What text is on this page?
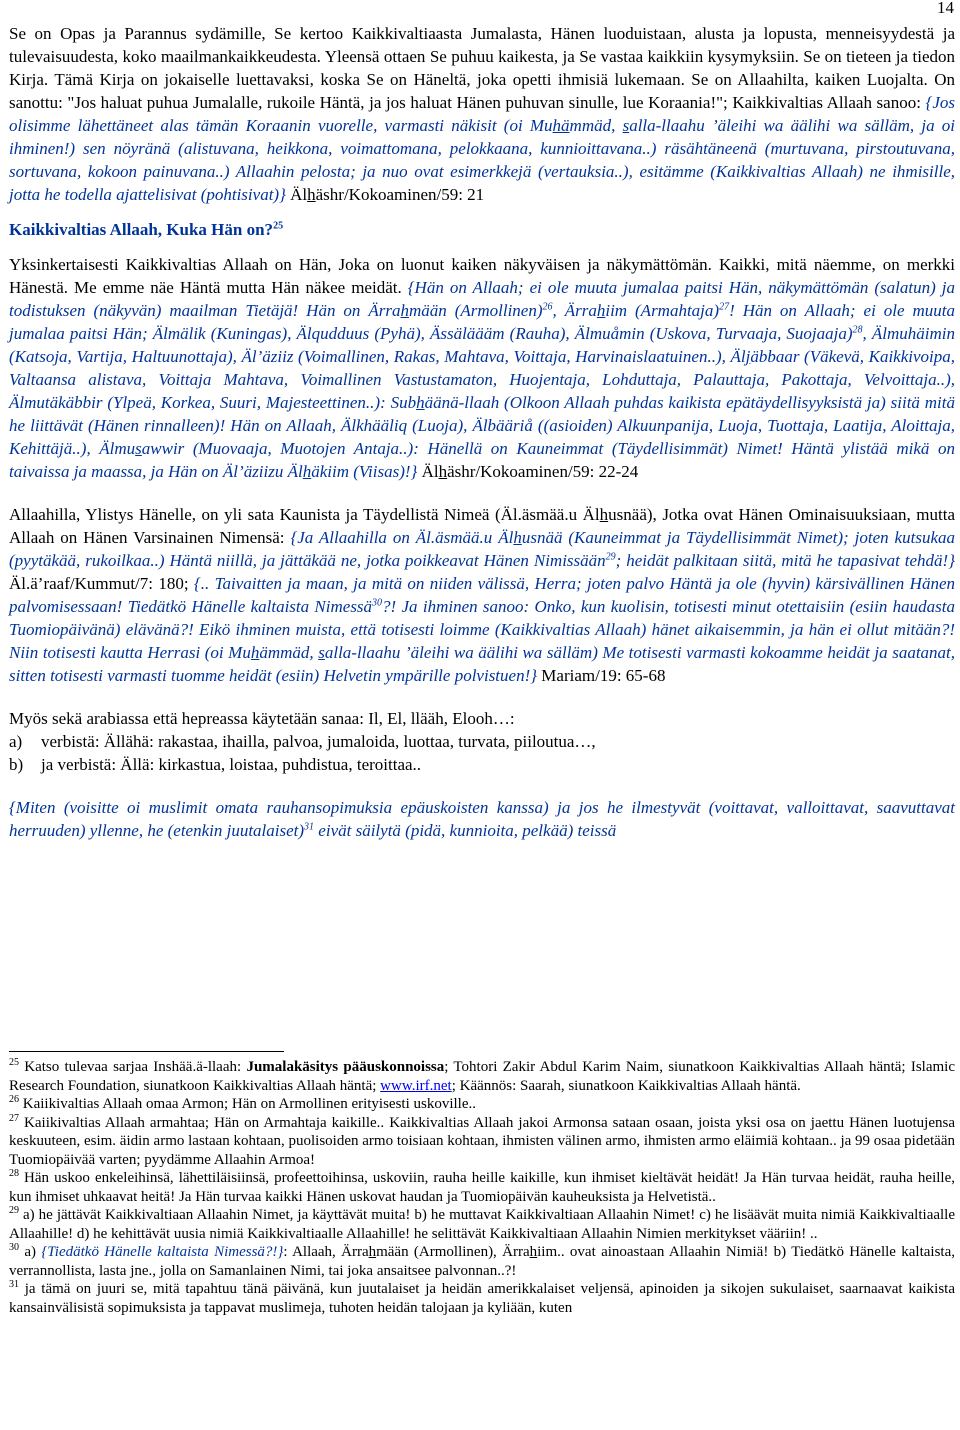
14

Se on Opas ja Parannus sydämille, Se kertoo Kaikkivaltiaasta Jumalasta, Hänen luoduistaan, alusta ja lopusta, menneisyydestä ja tulevaisuudesta, koko maailmankaikkeudesta. Yleensä ottaen Se puhuu kaikesta, ja Se vastaa kaikkiin kysymyksiin. Se on tieteen ja tiedon Kirja. Tämä Kirja on jokaiselle luettavaksi, koska Se on Häneltä, joka opetti ihmisiä lukemaan. Se on Allaahilta, kaiken Luojalta. On sanottu: "Jos haluat puhua Jumalalle, rukoile Häntä, ja jos haluat Hänen puhuvan sinulle, lue Koraania!"; Kaikkivaltias Allaah sanoo: {Jos olisimme lähettäneet alas tämän Koraanin vuorelle, varmasti näkisit (oi Muhämmäd, salla-llaahu ’äleihi wa äälihi wa sälläm, ja oi ihminen!) sen nöyränä (alistuvana, heikkona, voimattomana, pelokkaana, kunnioittavana..) räsähtäneenä (murtuvana, pirstoutuvana, sortuvana, kokoon painuvana..) Allaahin pelosta; ja nuo ovat esimerkkejä (vertauksia..), esitämme (Kaikkivaltias Allaah) ne ihmisille, jotta he todella ajattelisivat (pohtisivat)} Älhäshr/Kokoaminen/59: 21

Kaikkivaltias Allaah, Kuka Hän on?$^{25}$

Yksinkertaisesti Kaikkivaltias Allaah on Hän, Joka on luonut kaiken näkyväisen ja näkymättömän. Kaikki, mitä näemme, on merkki Hänestä. Me emme näe Häntä mutta Hän näkee meidät. {Hän on Allaah; ei ole muuta jumalaa paitsi Hän, näkymättömän (salatun) ja todistuksen (näkyvän) maailman Tietäjä! Hän on Ärrahmään (Armollinen)$^{26}$, Ärrahiim (Armahtaja)$^{27}$! Hän on Allaah; ei ole muuta jumalaa paitsi Hän; Älmälik (Kuningas), Älqudduus (Pyhä), Ässäläääm (Rauha), Älmuåmin (Uskova, Turvaaja, Suojaaja)$^{28}$, Älmuhäimin (Katsoja, Vartija, Haltuunottaja), Äl’äziiz (Voimallinen, Rakas, Mahtava, Voittaja, Harvinaislaatuinen..), Äljäbbaar (Väkevä, Kaikkivoipa, Valtaansa alistava, Voittaja Mahtava, Voimallinen Vastustamaton, Huojentaja, Lohduttaja, Palauttaja, Pakottaja, Velvoittaja..), Älmutäkäbbir (Ylpeä, Korkea, Suuri, Majesteettinen..): Subhäänä-llaah (Olkoon Allaah puhdas kaikista epätäydellisyyksistä ja) siitä mitä he liittävät (Hänen rinnalleen)! Hän on Allaah, Älkhääliq (Luoja), Älbääriå ((asioiden) Alkuunpanija, Luoja, Tuottaja, Laatija, Aloittaja, Kehittäjä..), Älmusawwir (Muovaaja, Muotojen Antaja..): Hänellä on Kauneimmat (Täydellisimmät) Nimet! Häntä ylistää mikä on taivaissa ja maassa, ja Hän on Äl’äziizu Älhäkiim (Viisas)!} Älhäshr/Kokoaminen/59: 22-24

Allaahilla, Ylistys Hänelle, on yli sata Kaunista ja Täydellistä Nimeä (Äl.äsmää.u Älhusnää), Jotka ovat Hänen Ominaisuuksiaan, mutta Allaah on Hänen Varsinainen Nimensä: {Ja Allaahilla on Äl.äsmää.u Älhusnää (Kauneimmat ja Täydellisimmät Nimet); joten kutsukaa (pyytäkää, rukoilkaa..) Häntä niillä, ja jättäkää ne, jotka poikkeavat Hänen Nimissään$^{29}$; heidät palkitaan siitä, mitä he tapasivat tehdä!} Äl.ä’raaf/Kummut/7: 180; {.. Taivaitten ja maan, ja mitä on niiden välissä, Herra; joten palvo Häntä ja ole (hyvin) kärsivällinen Hänen palvomisessaan! Tiedätkö Hänelle kaltaista Nimessä$^{30}$?! Ja ihminen sanoo: Onko, kun kuolisin, totisesti minut otettaisiin (esiin haudasta Tuomiopäivänä) elävänä?! Eikö ihminen muista, että totisesti loimme (Kaikkivaltias Allaah) hänet aikaisemmin, ja hän ei ollut mitään?! Niin totisesti kautta Herrasi (oi Muhämmäd, salla-llaahu ’äleihi wa äälihi wa sälläm) Me totisesti varmasti kokoamme heidät ja saatanat, sitten totisesti varmasti tuomme heidät (esiin) Helvetin ympärille polvistuen!} Mariam/19: 65-68

Myös sekä arabiassa että hepreassa käytetään sanaa: Il, El, llääh, Elooh…:

a)	verbistä: Ällähä: rakastaa, ihailla, palvoa, jumaloida, luottaa, turvata, piiloutua…,
b)	ja verbistä: Ällä: kirkastua, loistaa, puhdistua, teroittaa..

{Miten (voisitte oi muslimit omata rauhansopimuksia epäuskoisten kanssa) ja jos he ilmestyvät (voittavat, valloittavat, saavuttavat herruuden) yllenne, he (etenkin juutalaiset)$^{31}$ eivät säilytä (pidä, kunnioita, pelkää) teissä

$^{25}$ Katso tulevaa sarjaa Inshää.ä-llaah: Jumalakäsitys pääuskonnoissa; Tohtori Zakir Abdul Karim Naim, siunatkoon Kaikkivaltias Allaah häntä; Islamic Research Foundation, siunatkoon Kaikkivaltias Allaah häntä; www.irf.net; Käännös: Saarah, siunatkoon Kaikkivaltias Allaah häntä.

$^{26}$ Kaiikivaltias Allaah omaa Armon; Hän on Armollinen erityisesti uskoville..

$^{27}$ Kaiikivaltias Allaah armahtaa; Hän on Armahtaja kaikille.. Kaikkivaltias Allaah jakoi Armonsa sataan osaan, joista yksi osa on jaettu Hänen luotujensa keskuuteen, esim. äidin armo lastaan kohtaan, puolisoiden armo toisiaan kohtaan, ihmisten välinen armo, ihmisten armo eläimiä kohtaan.. ja 99 osaa pidetään Tuomiopäivää varten; pyydämme Allaahin Armoa!

$^{28}$ Hän uskoo enkeleihinsä, lähettiläisiinsä, profeettoihinsa, uskoviin, rauha heille kaikille, kun ihmiset kieltävät heidät! Ja Hän turvaa heidät, rauha heille, kun ihmiset uhkaavat heitä! Ja Hän turvaa kaikki Hänen uskovat haudan ja Tuomiopäivän kauheuksista ja Helvetistä..

$^{29}$ a) he jättävät Kaikkivaltiaan Allaahin Nimet, ja käyttävät muita! b) he muttavat Kaikkivaltiaan Allaahin Nimet! c) he lisäävät muita nimiä Kaikkivaltiaalle Allaahille! d) he kehittävät uusia nimiä Kaikkivaltiaalle Allaahille! he selittävät Kaikkivaltiaan Allaahin Nimien merkitykset vääriin! ..

$^{30}$ a) {Tiedätkö Hänelle kaltaista Nimessä?!}: Allaah, Ärrahmään (Armollinen), Ärrahiim.. ovat ainoastaan Allaahin Nimiä! b) Tiedätkö Hänelle kaltaista, verrannollista, lasta jne., jolla on Samanlainen Nimi, tai joka ansaitsee palvonnan..?!

$^{31}$ ja tämä on juuri se, mitä tapahtuu tänä päivänä, kun juutalaiset ja heidän amerikkalaiset veljensä, apinoiden ja sikojen sukulaiset, saarnaavat kaikista kansainvälisistä sopimuksista ja tappavat muslimeja, tuhoten heidän talojaan ja kyliään, kuten
